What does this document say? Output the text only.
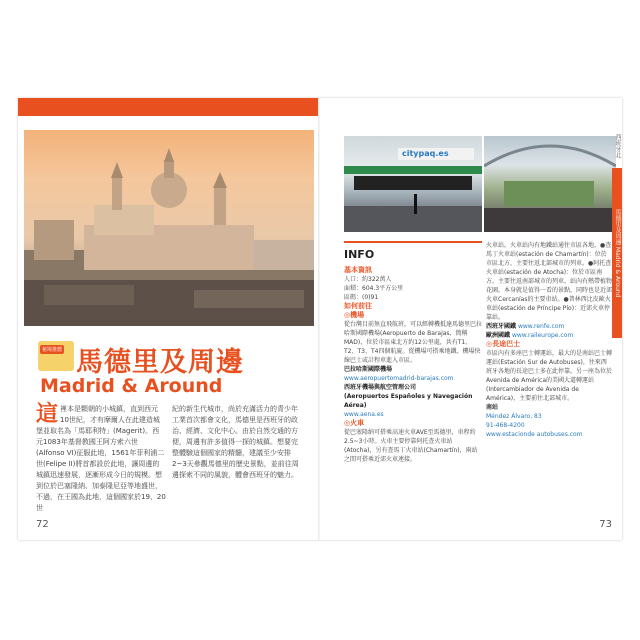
秘境推薦 馬德里及周邊
Madrid & Around
這 裡本是顆朝的小城鎮，直到西元10世紀，才有摩爾人在此建造城堡並取名為「馬耶利特」(Magerit)。西元1083年基督教國王阿方索六世(Alfonso VI)征服此地，1561年菲利浦二世(Felipe II)將首都設於此地，讓周邊的城鎮迅速發展，逐漸形成今日的規模。想到位於巴塞隆納、加泰隆尼亞等地盛世，不過，在王國為此地，這個國家於19、20世
紀的新生代城市，尚於充滿活力的青少年工業首次都會文化，馬德里是西班牙的政治、經濟、文化中心。由於自然交通的方便，周邊有許多值得一探的城鎮。想要完整體驗這個國家的精髓，建議至少安排2~3天參觀馬德里的歷史景點，並前往周邊探索不同的風貌，體會西班牙的魅力。
72
citypaq.es
INFO
基本資訊
人口：約322萬人
面積：604.3平方公里
區碼：(0)91
如何前往
◎機場
從台灣目前無直飛航班，可以經轉機抵達馬德里巴拉哈斯國際機場(Aeropuerto de Barajas，簡稱MAD)，位於市區東北方約12公里處，共有T1、T2、T3、T4四個航廈。從機場可搭乘地鐵、機場快線巴士或計程車進入市區。
巴拉哈斯國際機場
www.aeropuertomadrid-barajas.com
西班牙機場與航空管理公司
(Aeropuertos Españoles y Navegación Aérea)
www.aena.es
◎火車
從巴塞隆納可搭乘高速火車AVE至馬德里，車程約2.5~3小時。火車主要停靠阿托查火車站(Atocha)，另有查馬丁火車站(Chamartín)，兩站之間可搭乘近郊火車連接。
火車站。火車站內有地鐵站通往市區各地。●查馬丁火車站(estación de Chamartín)：位於市區北方，主要往返北部城市的列車。●阿托查火車站(estación de Atocha)：位於市區南方，主要往返南部城市的列車，站內有熱帶植物花園，本身就是值得一看的景點，同時也是近郊火車Cercanías的主要車站。●普林西比皮歐火車站(estación de Príncipe Pío)：近郊火車停靠站。
西班牙國鐵 www.renfe.com
歐洲國鐵 www.raileurope.com
◎長途巴士
市區內有多座巴士轉運站，最大的是南站巴士轉運站(Estación Sur de Autobuses)，往來西班牙各地的長途巴士多在此停靠。另一座為位於Avenida de América的美國大道轉運站(Intercambiador de Avenida de América)，主要前往北部城市。
南站
Méndez Álvaro, 83
91-468-4200
www.estacionde autobuses.com
西班牙北
馬德里及周邊 Madrid & Around
73
